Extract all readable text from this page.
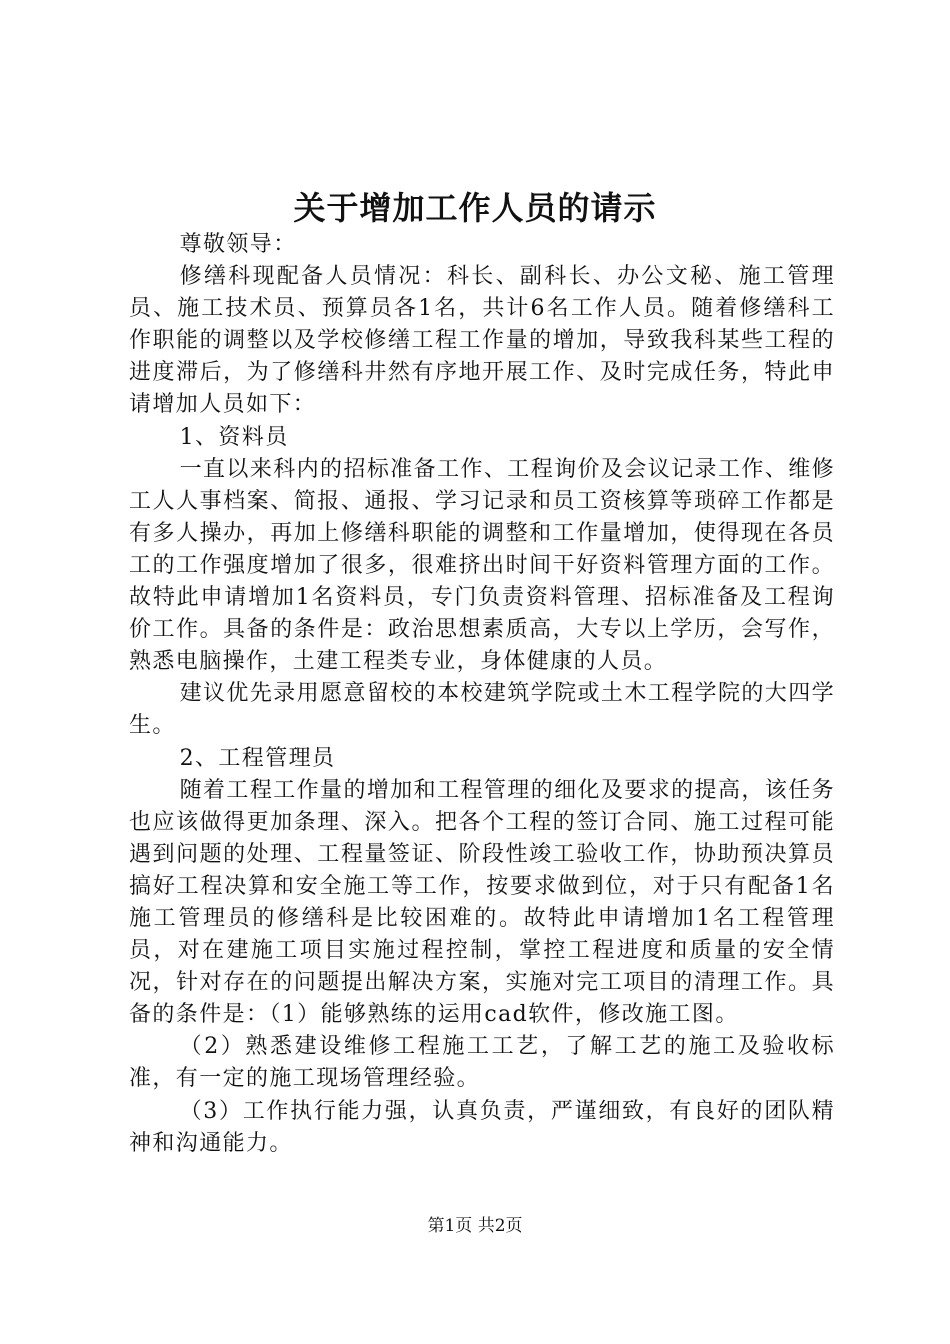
关于增加工作人员的请示

尊敬领导：

修缮科现配备人员情况：科长、副科长、办公文秘、施工管理员、施工技术员、预算员各1名，共计6名工作人员。随着修缮科工作职能的调整以及学校修缮工程工作量的增加，导致我科某些工程的进度滞后，为了修缮科井然有序地开展工作、及时完成任务，特此申请增加人员如下：

1、资料员

一直以来科内的招标准备工作、工程询价及会议记录工作、维修工人人事档案、简报、通报、学习记录和员工资核算等琐碎工作都是有多人操办，再加上修缮科职能的调整和工作量增加，使得现在各员工的工作强度增加了很多，很难挤出时间干好资料管理方面的工作。故特此申请增加1名资料员，专门负责资料管理、招标准备及工程询价工作。具备的条件是：政治思想素质高，大专以上学历，会写作，熟悉电脑操作，土建工程类专业，身体健康的人员。

建议优先录用愿意留校的本校建筑学院或土木工程学院的大四学生。

2、工程管理员

随着工程工作量的增加和工程管理的细化及要求的提高，该任务也应该做得更加条理、深入。把各个工程的签订合同、施工过程可能遇到问题的处理、工程量签证、阶段性竣工验收工作，协助预决算员搞好工程决算和安全施工等工作，按要求做到位，对于只有配备1名施工管理员的修缮科是比较困难的。故特此申请增加1名工程管理员，对在建施工项目实施过程控制，掌控工程进度和质量的安全情况，针对存在的问题提出解决方案，实施对完工项目的清理工作。具备的条件是：（1）能够熟练的运用cad软件，修改施工图。

（2）熟悉建设维修工程施工工艺，了解工艺的施工及验收标准，有一定的施工现场管理经验。

（3）工作执行能力强，认真负责，严谨细致，有良好的团队精神和沟通能力。

第1页 共2页
